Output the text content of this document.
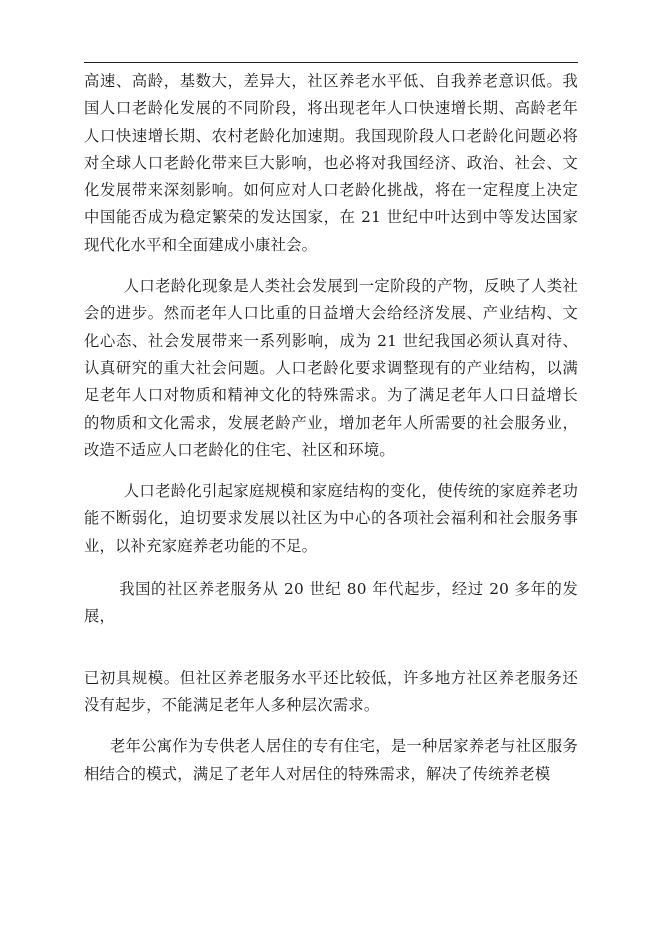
高速、高龄，基数大，差异大，社区养老水平低、自我养老意识低。我国人口老龄化发展的不同阶段，将出现老年人口快速增长期、高龄老年人口快速增长期、农村老龄化加速期。我国现阶段人口老龄化问题必将对全球人口老龄化带来巨大影响，也必将对我国经济、政治、社会、文化发展带来深刻影响。如何应对人口老龄化挑战，将在一定程度上决定中国能否成为稳定繁荣的发达国家，在 21 世纪中叶达到中等发达国家现代化水平和全面建成小康社会。

人口老龄化现象是人类社会发展到一定阶段的产物，反映了人类社会的进步。然而老年人口比重的日益增大会给经济发展、产业结构、文化心态、社会发展带来一系列影响，成为 21 世纪我国必须认真对待、认真研究的重大社会问题。人口老龄化要求调整现有的产业结构，以满足老年人口对物质和精神文化的特殊需求。为了满足老年人口日益增长的物质和文化需求，发展老龄产业，增加老年人所需要的社会服务业，改造不适应人口老龄化的住宅、社区和环境。

人口老龄化引起家庭规模和家庭结构的变化，使传统的家庭养老功能不断弱化，迫切要求发展以社区为中心的各项社会福利和社会服务事业，以补充家庭养老功能的不足。

我国的社区养老服务从 20 世纪 80 年代起步，经过 20 多年的发展，

已初具规模。但社区养老服务水平还比较低，许多地方社区养老服务还没有起步，不能满足老年人多种层次需求。

老年公寓作为专供老人居住的专有住宅，是一种居家养老与社区服务相结合的模式，满足了老年人对居住的特殊需求，解决了传统养老模
